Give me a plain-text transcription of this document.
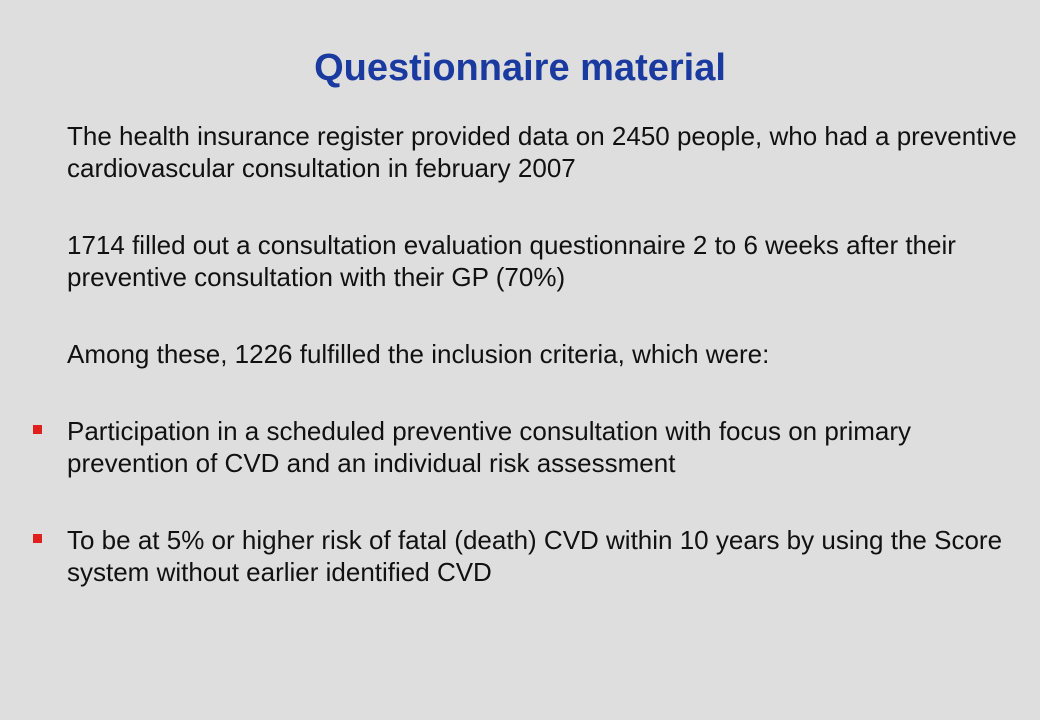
Questionnaire material

The health insurance register provided data on 2450 people, who had a preventive cardiovascular consultation in february 2007

1714 filled out a consultation evaluation questionnaire 2 to 6 weeks after their preventive consultation with their GP (70%)

Among these, 1226 fulfilled the inclusion criteria, which were:

Participation in a scheduled preventive consultation with focus on primary prevention of CVD and an individual risk assessment

To be at 5% or higher risk of fatal (death) CVD within 10 years by using the Score system without earlier identified CVD
